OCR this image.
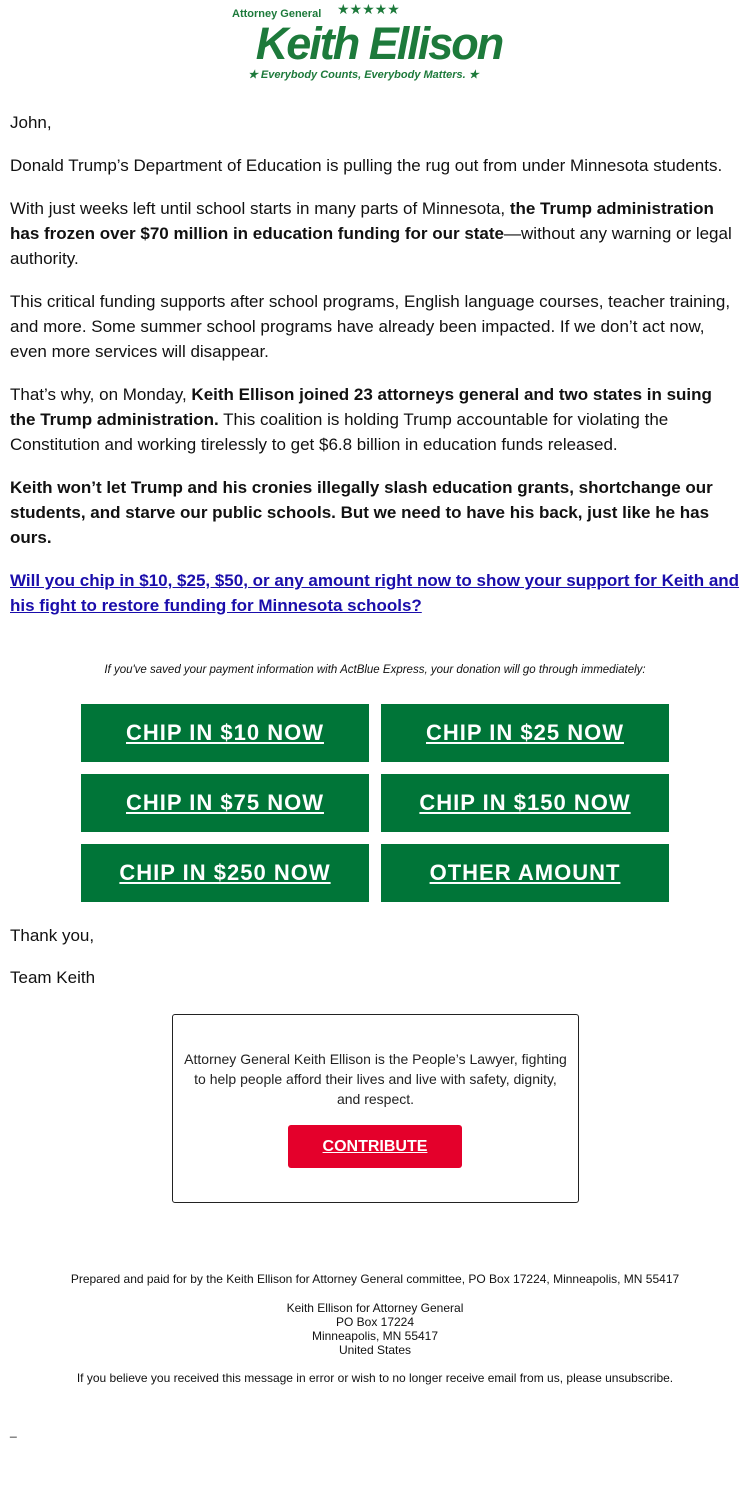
Attorney General ★★★★★
Keith Ellison
★ Everybody Counts, Everybody Matters. ★

John,

Donald Trump’s Department of Education is pulling the rug out from under Minnesota students.

With just weeks left until school starts in many parts of Minnesota, the Trump administration has frozen over $70 million in education funding for our state—without any warning or legal authority.

This critical funding supports after school programs, English language courses, teacher training, and more. Some summer school programs have already been impacted. If we don’t act now, even more services will disappear.

That’s why, on Monday, Keith Ellison joined 23 attorneys general and two states in suing the Trump administration. This coalition is holding Trump accountable for violating the Constitution and working tirelessly to get $6.8 billion in education funds released.

Keith won’t let Trump and his cronies illegally slash education grants, shortchange our students, and starve our public schools. But we need to have his back, just like he has ours.

Will you chip in $10, $25, $50, or any amount right now to show your support for Keith and his fight to restore funding for Minnesota schools?

If you've saved your payment information with ActBlue Express, your donation will go through immediately:
CHIP IN $10 NOW	CHIP IN $25 NOW
CHIP IN $75 NOW	CHIP IN $150 NOW
CHIP IN $250 NOW	OTHER AMOUNT
Thank you,
Team Keith
Attorney General Keith Ellison is the People’s Lawyer, fighting to help people afford their lives and live with safety, dignity, and respect.
CONTRIBUTE
Prepared and paid for by the Keith Ellison for Attorney General committee, PO Box 17224, Minneapolis, MN 55417
Keith Ellison for Attorney General
PO Box 17224
Minneapolis, MN 55417
United States
If you believe you received this message in error or wish to no longer receive email from us, please unsubscribe.
_
